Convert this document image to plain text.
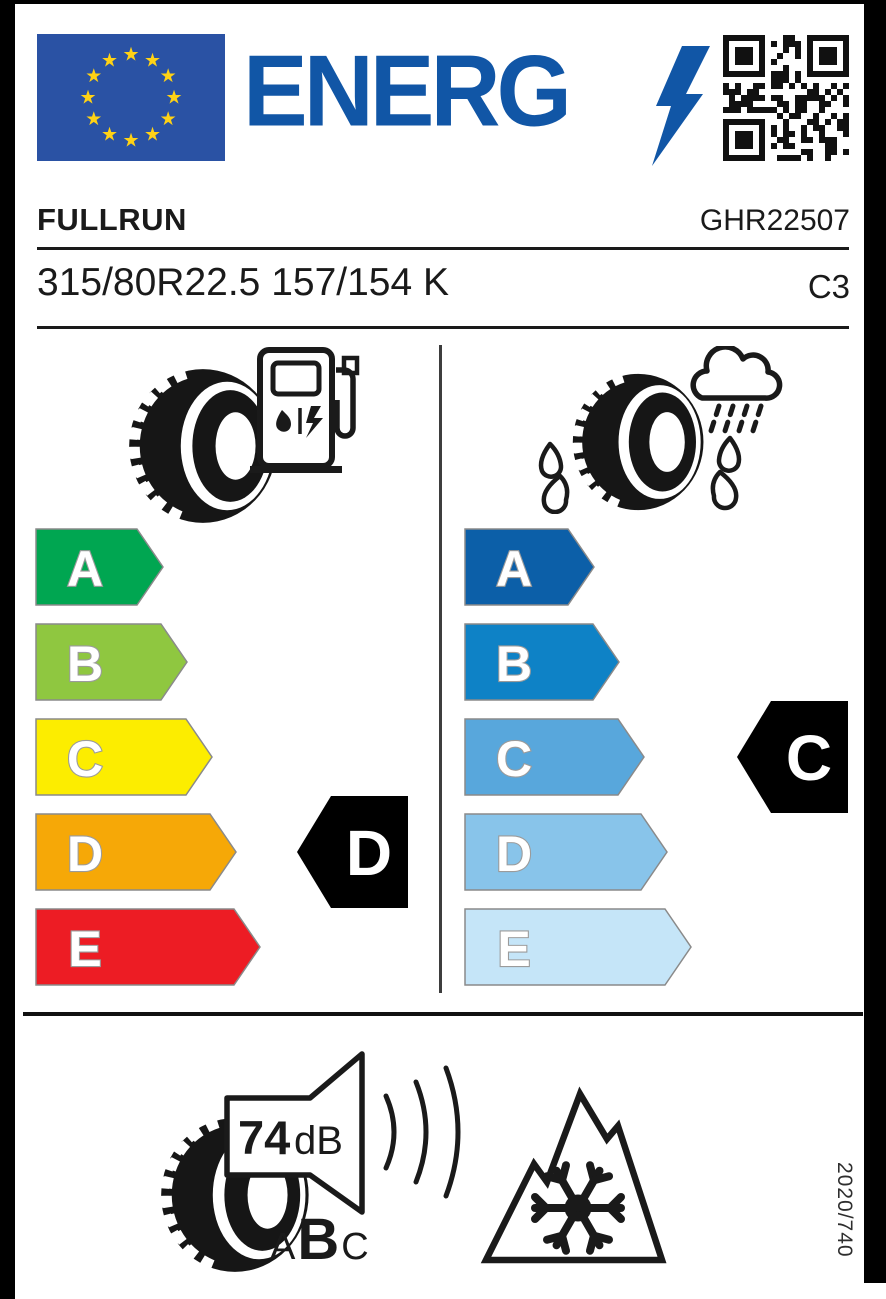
★ ★
★
★
★
★
★
★
★
★
★
★ ENERG
FULLRUN	GHR22507
315/80R22.5 157/154 K	C3
A
B
C
D
E
A
B
C
D
E
D
C
74 dB
A B C	2020/740
